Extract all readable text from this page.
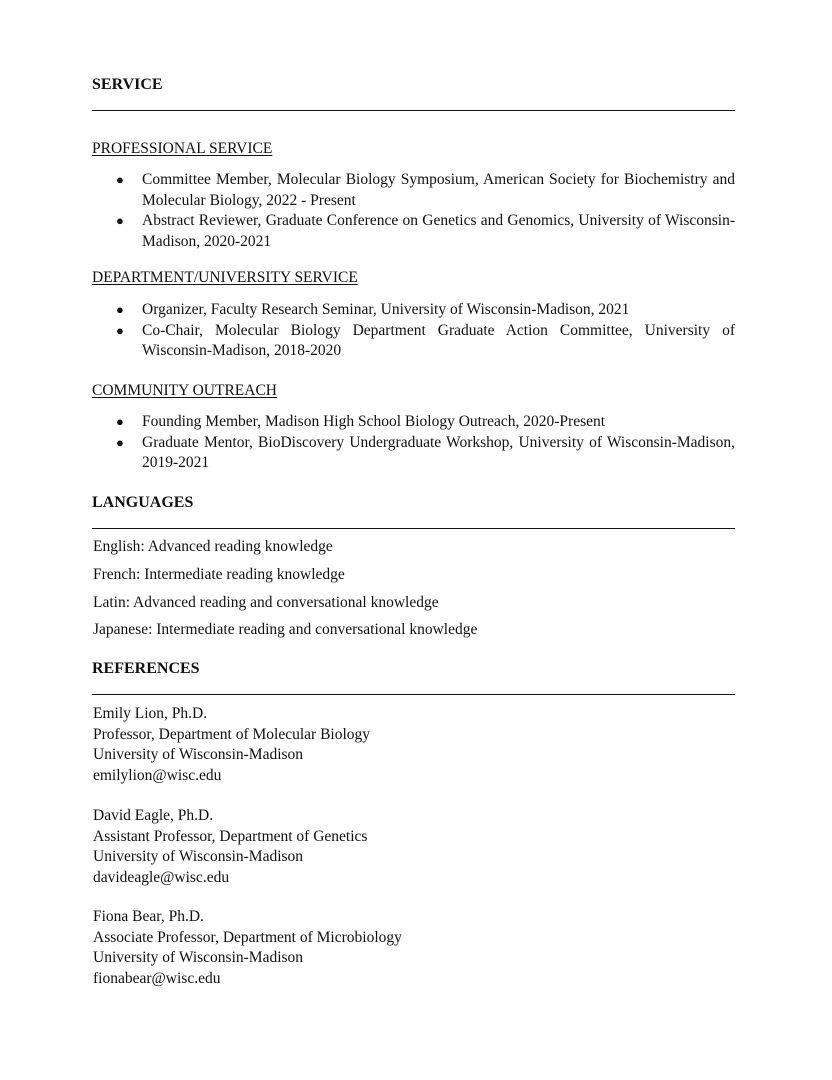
SERVICE
PROFESSIONAL SERVICE
● Committee Member, Molecular Biology Symposium, American Society for Biochemistry and Molecular Biology, 2022 - Present
● Abstract Reviewer, Graduate Conference on Genetics and Genomics, University of Wisconsin-Madison, 2020-2021
DEPARTMENT/UNIVERSITY SERVICE
● Organizer, Faculty Research Seminar, University of Wisconsin-Madison, 2021
● Co-Chair, Molecular Biology Department Graduate Action Committee, University of Wisconsin-Madison, 2018-2020
COMMUNITY OUTREACH
● Founding Member, Madison High School Biology Outreach, 2020-Present
● Graduate Mentor, BioDiscovery Undergraduate Workshop, University of Wisconsin-Madison, 2019-2021
LANGUAGES

English: Advanced reading knowledge

French: Intermediate reading knowledge

Latin: Advanced reading and conversational knowledge

Japanese: Intermediate reading and conversational knowledge

REFERENCES
Emily Lion, Ph.D.
Professor, Department of Molecular Biology
University of Wisconsin-Madison
emilylion@wisc.edu
David Eagle, Ph.D.
Assistant Professor, Department of Genetics
University of Wisconsin-Madison
davideagle@wisc.edu
Fiona Bear, Ph.D.
Associate Professor, Department of Microbiology
University of Wisconsin-Madison
fionabear@wisc.edu
